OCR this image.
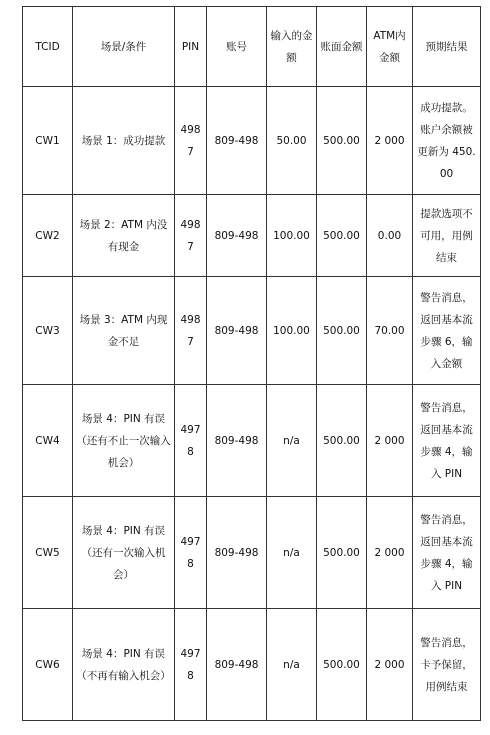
TCID	场景/条件	PIN	账号	输入的金额	账面金额	ATM内金额	预期结果
CW1	场景 1：成功提款	4987	809-498	50.00	500.00	2 000	成功提款。账户余额被更新为 450.00
CW2	场景 2：ATM 内没有现金	4987	809-498	100.00	500.00	0.00	提款选项不可用，用例结束
CW3	场景 3：ATM 内现金不足	4987	809-498	100.00	500.00	70.00	警告消息，返回基本流步骤 6，输入金额
CW4	场景 4：PIN 有误（还有不止一次输入机会）	4978	809-498	n/a	500.00	2 000	警告消息，返回基本流步骤 4，输入 PIN
CW5	场景 4：PIN 有误（还有一次输入机会）	4978	809-498	n/a	500.00	2 000	警告消息，返回基本流步骤 4，输入 PIN
CW6	场景 4：PIN 有误（不再有输入机会）	4978	809-498	n/a	500.00	2 000	警告消息，卡予保留，用例结束
